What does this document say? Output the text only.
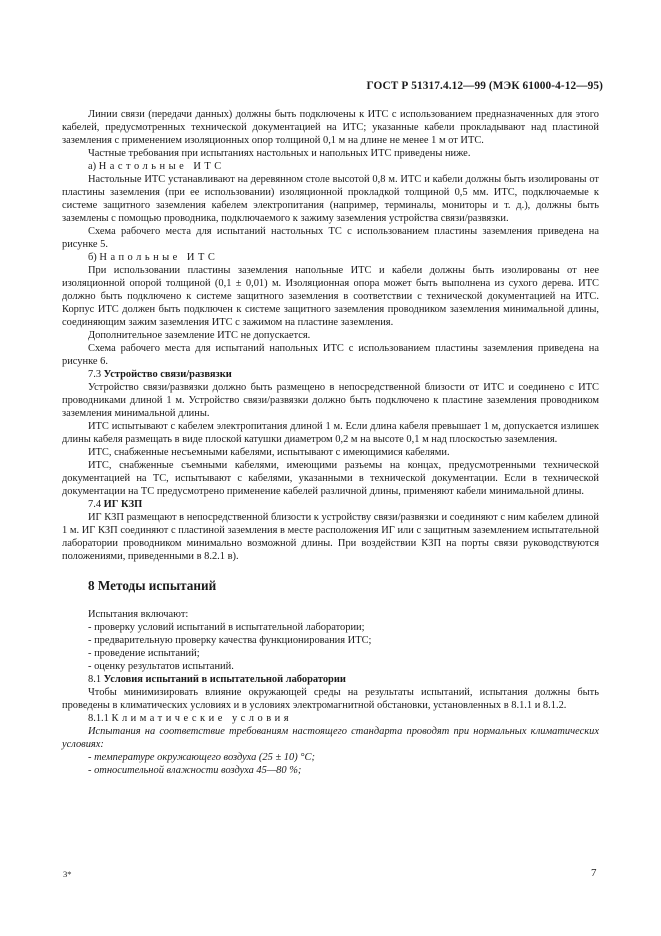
ГОСТ Р 51317.4.12—99 (МЭК 61000-4-12—95)

Линии связи (передачи данных) должны быть подключены к ИТС с использованием предназначенных для этого кабелей, предусмотренных технической документацией на ИТС; указанные кабели прокладывают над пластиной заземления с применением изоляционных опор толщиной 0,1 м на длине не менее 1 м от ИТС.

Частные требования при испытаниях настольных и напольных ИТС приведены ниже.

а) Настольные ИТС

Настольные ИТС устанавливают на деревянном столе высотой 0,8 м. ИТС и кабели должны быть изолированы от пластины заземления (при ее использовании) изоляционной прокладкой толщиной 0,5 мм. ИТС, подключаемые к системе защитного заземления кабелем электропитания (например, терминалы, мониторы и т. д.), должны быть заземлены с помощью проводника, подключаемого к зажиму заземления устройства связи/развязки.

Схема рабочего места для испытаний настольных ТС с использованием пластины заземления приведена на рисунке 5.

б) Напольные ИТС

При использовании пластины заземления напольные ИТС и кабели должны быть изолированы от нее изоляционной опорой толщиной (0,1 ± 0,01) м. Изоляционная опора может быть выполнена из сухого дерева. ИТС должно быть подключено к системе защитного заземления в соответствии с технической документацией на ИТС. Корпус ИТС должен быть подключен к системе защитного заземления проводником заземления минимальной длины, соединяющим зажим заземления ИТС с зажимом на пластине заземления.

Дополнительное заземление ИТС не допускается.

Схема рабочего места для испытаний напольных ИТС с использованием пластины заземления приведена на рисунке 6.

7.3 Устройство связи/развязки

Устройство связи/развязки должно быть размещено в непосредственной близости от ИТС и соединено с ИТС проводниками длиной 1 м. Устройство связи/развязки должно быть подключено к пластине заземления проводником заземления минимальной длины.

ИТС испытывают с кабелем электропитания длиной 1 м. Если длина кабеля превышает 1 м, допускается излишек длины кабеля размещать в виде плоской катушки диаметром 0,2 м на высоте 0,1 м над плоскостью заземления.

ИТС, снабженные несъемными кабелями, испытывают с имеющимися кабелями.

ИТС, снабженные съемными кабелями, имеющими разъемы на концах, предусмотренными технической документацией на ТС, испытывают с кабелями, указанными в технической документации. Если в технической документации на ТС предусмотрено применение кабелей различной длины, применяют кабели минимальной длины.

7.4 ИГ КЗП

ИГ КЗП размещают в непосредственной близости к устройству связи/развязки и соединяют с ним кабелем длиной 1 м. ИГ КЗП соединяют с пластиной заземления в месте расположения ИГ или с защитным заземлением испытательной лаборатории проводником минимально возможной длины. При воздействии КЗП на порты связи руководствуются положениями, приведенными в 8.2.1 в).

8 Методы испытаний

Испытания включают:

- проверку условий испытаний в испытательной лаборатории;

- предварительную проверку качества функционирования ИТС;

- проведение испытаний;

- оценку результатов испытаний.

8.1 Условия испытаний в испытательной лаборатории

Чтобы минимизировать влияние окружающей среды на результаты испытаний, испытания должны быть проведены в климатических условиях и в условиях электромагнитной обстановки, установленных в 8.1.1 и 8.1.2.

8.1.1 Климатические условия

Испытания на соответствие требованиям настоящего стандарта проводят при нормальных климатических условиях:

- температуре окружающего воздуха (25 ± 10) °C;

- относительной влажности воздуха 45—80 %;

3*	7
